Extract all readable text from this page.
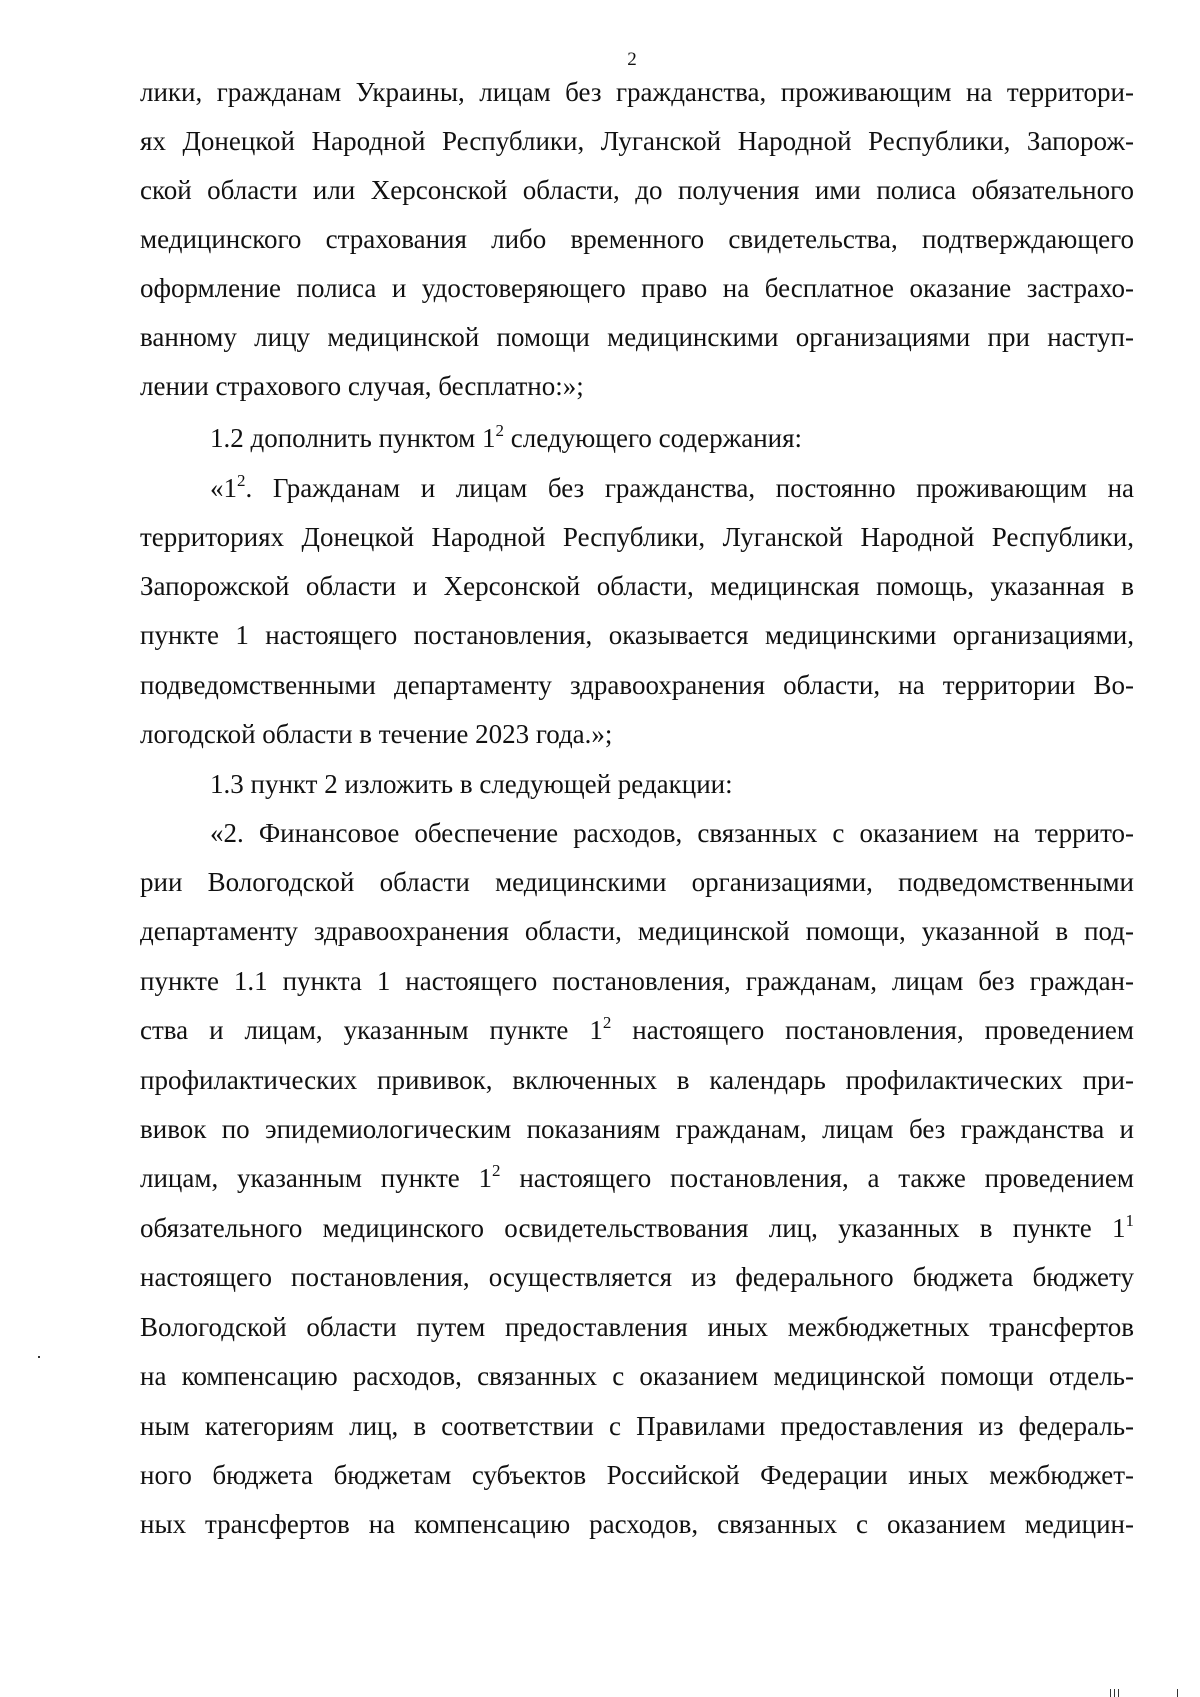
2
лики, гражданам Украины, лицам без гражданства, проживающим на территори-
ях Донецкой Народной Республики, Луганской Народной Республики, Запорож-
ской области или Херсонской области, до получения ими полиса обязательного
медицинского страхования либо временного свидетельства, подтверждающего
оформление полиса и удостоверяющего право на бесплатное оказание застрахо-
ванному лицу медицинской помощи медицинскими организациями при наступ-
лении страхового случая, бесплатно:»;
1.2 дополнить пунктом $1^2$ следующего содержания:
«$1^2$. Гражданам и лицам без гражданства, постоянно проживающим на
территориях Донецкой Народной Республики, Луганской Народной Республики,
Запорожской области и Херсонской области, медицинская помощь, указанная в
пункте 1 настоящего постановления, оказывается медицинскими организациями,
подведомственными департаменту здравоохранения области, на территории Во-
логодской области в течение 2023 года.»;
1.3 пункт 2 изложить в следующей редакции:
«2. Финансовое обеспечение расходов, связанных с оказанием на террито-
рии Вологодской области медицинскими организациями, подведомственными
департаменту здравоохранения области, медицинской помощи, указанной в под-
пункте 1.1 пункта 1 настоящего постановления, гражданам, лицам без граждан-
ства и лицам, указанным пункте $1^2$ настоящего постановления, проведением
профилактических прививок, включенных в календарь профилактических при-
вивок по эпидемиологическим показаниям гражданам, лицам без гражданства и
лицам, указанным пункте $1^2$ настоящего постановления, а также проведением
обязательного медицинского освидетельствования лиц, указанных в пункте $1^1$
настоящего постановления, осуществляется из федерального бюджета бюджету
Вологодской области путем предоставления иных межбюджетных трансфертов
на компенсацию расходов, связанных с оказанием медицинской помощи отдель-
ным категориям лиц, в соответствии с Правилами предоставления из федераль-
ного бюджета бюджетам субъектов Российской Федерации иных межбюджет-
ных трансфертов на компенсацию расходов, связанных с оказанием медицин-
